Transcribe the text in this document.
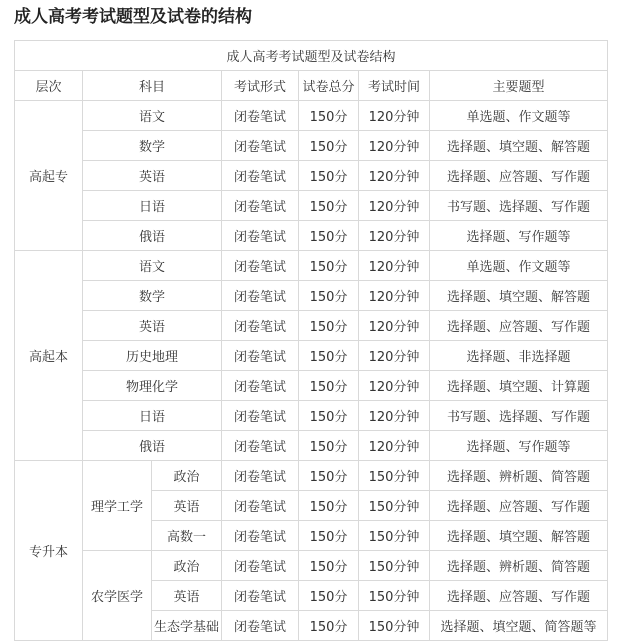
成人高考考试题型及试卷的结构
成人高考考试题型及试卷结构						
层次	科目		考试形式	试卷总分	考试时间	主要题型
高起专	语文		闭卷笔试	150分	120分钟	单选题、作文题等
	数学		闭卷笔试	150分	120分钟	选择题、填空题、解答题
	英语		闭卷笔试	150分	120分钟	选择题、应答题、写作题
	日语		闭卷笔试	150分	120分钟	书写题、选择题、写作题
	俄语		闭卷笔试	150分	120分钟	选择题、写作题等
高起本	语文		闭卷笔试	150分	120分钟	单选题、作文题等
	数学		闭卷笔试	150分	120分钟	选择题、填空题、解答题
	英语		闭卷笔试	150分	120分钟	选择题、应答题、写作题
	历史地理		闭卷笔试	150分	120分钟	选择题、非选择题
	物理化学		闭卷笔试	150分	120分钟	选择题、填空题、计算题
	日语		闭卷笔试	150分	120分钟	书写题、选择题、写作题
	俄语		闭卷笔试	150分	120分钟	选择题、写作题等
专升本	理学工学	政治	闭卷笔试	150分	150分钟	选择题、辨析题、简答题
		英语	闭卷笔试	150分	150分钟	选择题、应答题、写作题
		高数一	闭卷笔试	150分	150分钟	选择题、填空题、解答题
	农学医学	政治	闭卷笔试	150分	150分钟	选择题、辨析题、简答题
		英语	闭卷笔试	150分	150分钟	选择题、应答题、写作题
		生态学基础	闭卷笔试	150分	150分钟	选择题、填空题、简答题等
